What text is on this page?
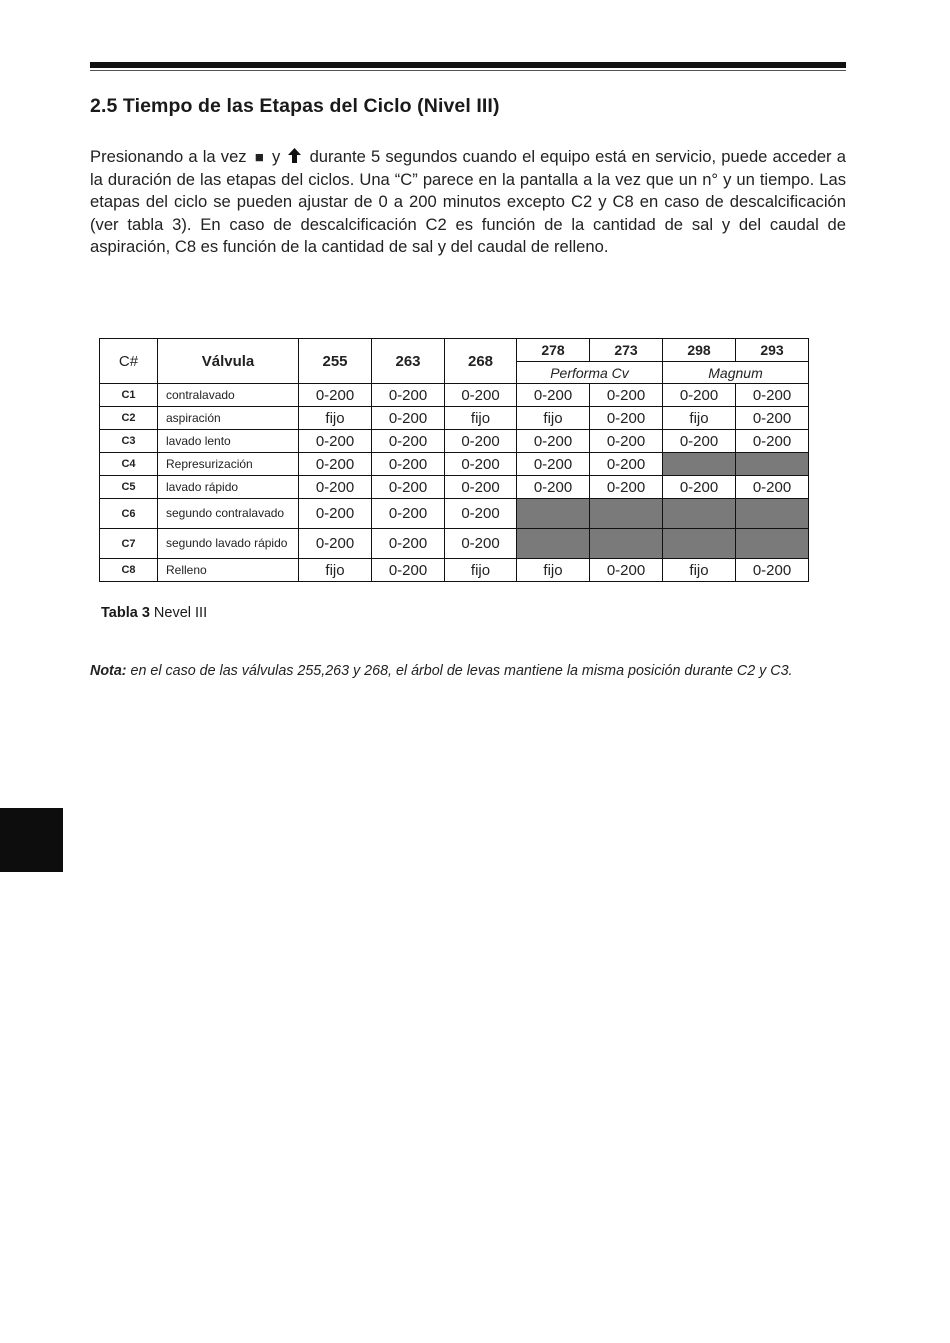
2.5 Tiempo de las Etapas del Ciclo (Nivel III)

Presionando a la vez ■ y durante 5 segundos cuando el equipo está en servicio, puede acceder a la duración de las etapas del ciclos. Una “C” parece en la pantalla a la vez que un n° y un tiempo. Las etapas del ciclo se pueden ajustar de 0 a 200 minutos excepto C2 y C8 en caso de descalcificación (ver tabla 3). En caso de descalcificación C2 es función de la cantidad de sal y del caudal de aspiración, C8 es función de la cantidad de sal y del caudal de relleno.

C#	Válvula	255	263	268	278	273	298	293
					Performa Cv		Magnum	
C1	contralavado	0-200	0-200	0-200	0-200	0-200	0-200	0-200
C2	aspiración	fijo	0-200	fijo	fijo	0-200	fijo	0-200
C3	lavado lento	0-200	0-200	0-200	0-200	0-200	0-200	0-200
C4	Represurización	0-200	0-200	0-200	0-200	0-200		
C5	lavado rápido	0-200	0-200	0-200	0-200	0-200	0-200	0-200
C6	segundo contralavado	0-200	0-200	0-200				
C7	segundo lavado rápido	0-200	0-200	0-200				
C8	Relleno	fijo	0-200	fijo	fijo	0-200	fijo	0-200

Tabla 3 Nevel III

Nota: en el caso de las válvulas 255,263 y 268, el árbol de levas mantiene la misma posición durante C2 y C3.
